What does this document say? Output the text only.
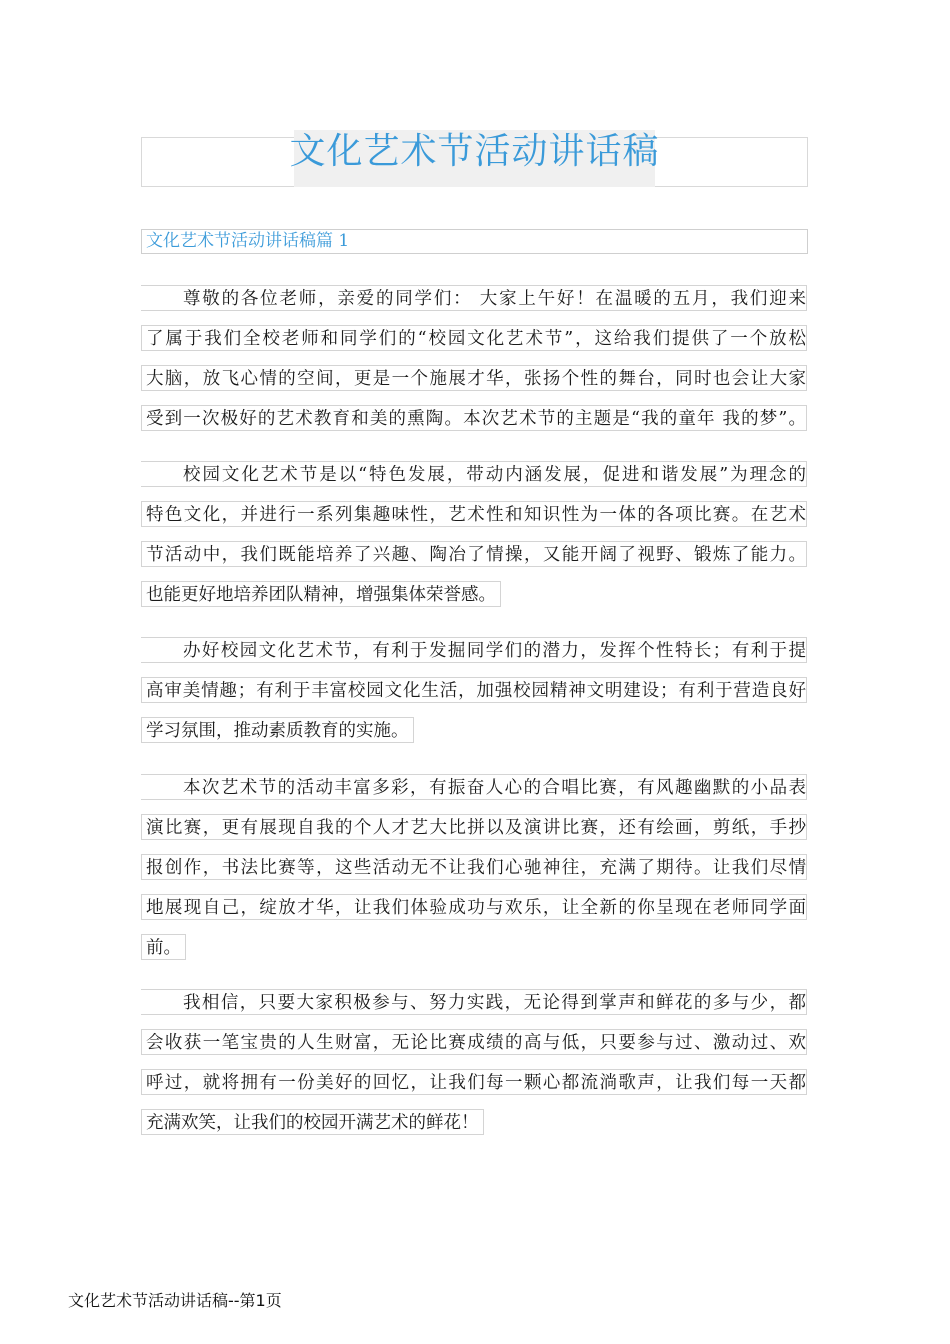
文化艺术节活动讲话稿
文化艺术节活动讲话稿篇 1
尊敬的各位老师，亲爱的同学们： 大家上午好！在温暖的五月，我们迎来
了属于我们全校老师和同学们的“校园文化艺术节”，这给我们提供了一个放松
大脑，放飞心情的空间，更是一个施展才华，张扬个性的舞台，同时也会让大家
受到一次极好的艺术教育和美的熏陶。本次艺术节的主题是“我的童年 我的梦”。
校园文化艺术节是以“特色发展，带动内涵发展，促进和谐发展”为理念的
特色文化，并进行一系列集趣味性，艺术性和知识性为一体的各项比赛。在艺术
节活动中，我们既能培养了兴趣、陶冶了情操，又能开阔了视野、锻炼了能力。
也能更好地培养团队精神，增强集体荣誉感。
办好校园文化艺术节，有利于发掘同学们的潜力，发挥个性特长；有利于提
高审美情趣；有利于丰富校园文化生活，加强校园精神文明建设；有利于营造良好
学习氛围，推动素质教育的实施。
本次艺术节的活动丰富多彩，有振奋人心的合唱比赛，有风趣幽默的小品表
演比赛，更有展现自我的个人才艺大比拼以及演讲比赛，还有绘画，剪纸，手抄
报创作，书法比赛等，这些活动无不让我们心驰神往，充满了期待。让我们尽情
地展现自己，绽放才华，让我们体验成功与欢乐，让全新的你呈现在老师同学面
前。
我相信，只要大家积极参与、努力实践，无论得到掌声和鲜花的多与少，都
会收获一笔宝贵的人生财富，无论比赛成绩的高与低，只要参与过、激动过、欢
呼过，就将拥有一份美好的回忆，让我们每一颗心都流淌歌声，让我们每一天都
充满欢笑，让我们的校园开满艺术的鲜花！
文化艺术节活动讲话稿--第1页
